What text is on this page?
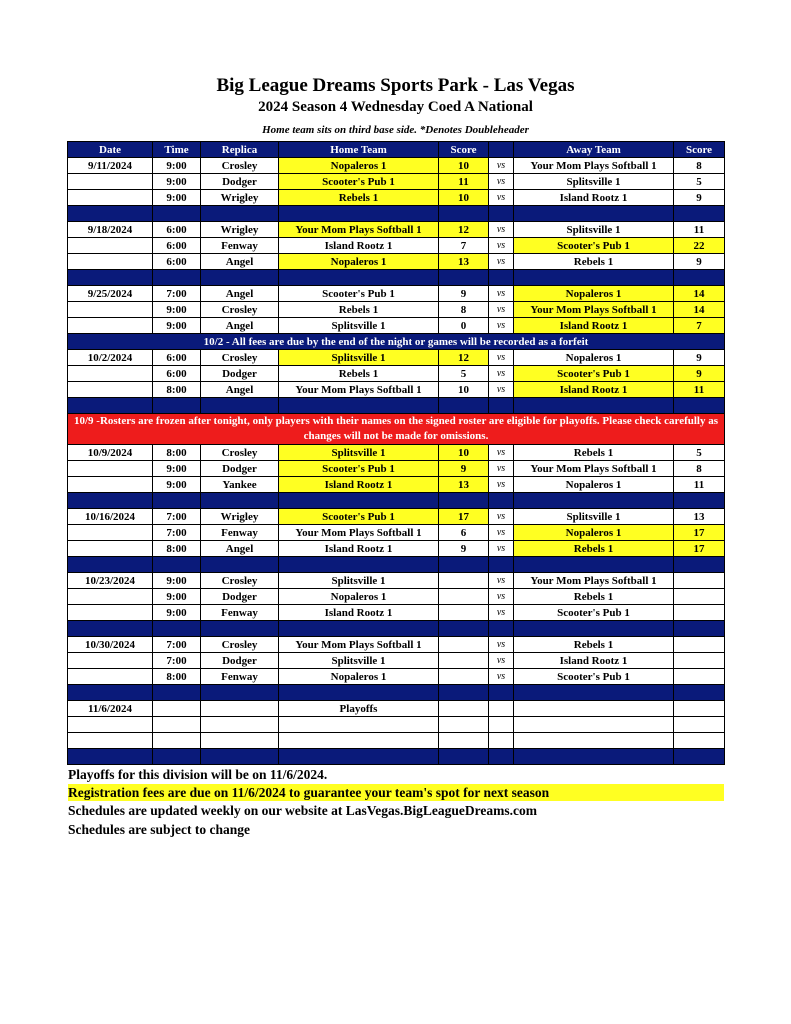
Big League Dreams Sports Park - Las Vegas
2024 Season 4 Wednesday Coed A National
Home team sits on third base side. *Denotes Doubleheader
Date	Time	Replica	Home Team	Score		Away Team	Score
9/11/2024	9:00	Crosley	Nopaleros 1	10	vs	Your Mom Plays Softball 1	8
	9:00	Dodger	Scooter's Pub 1	11	vs	Splitsville 1	5
	9:00	Wrigley	Rebels 1	10	vs	Island Rootz 1	9

9/18/2024	6:00	Wrigley	Your Mom Plays Softball 1	12	vs	Splitsville 1	11
	6:00	Fenway	Island Rootz 1	7	vs	Scooter's Pub 1	22
	6:00	Angel	Nopaleros 1	13	vs	Rebels 1	9

9/25/2024	7:00	Angel	Scooter's Pub 1	9	vs	Nopaleros 1	14
	9:00	Crosley	Rebels 1	8	vs	Your Mom Plays Softball 1	14
	9:00	Angel	Splitsville 1	0	vs	Island Rootz 1	7
10/2 - All fees are due by the end of the night or games will be recorded as a forfeit							
10/2/2024	6:00	Crosley	Splitsville 1	12	vs	Nopaleros 1	9
	6:00	Dodger	Rebels 1	5	vs	Scooter's Pub 1	9
	8:00	Angel	Your Mom Plays Softball 1	10	vs	Island Rootz 1	11

10/9 -Rosters are frozen after tonight, only players with their names on the signed roster are eligible for playoffs. Please check carefully as changes will not be made for omissions.							
10/9/2024	8:00	Crosley	Splitsville 1	10	vs	Rebels 1	5
	9:00	Dodger	Scooter's Pub 1	9	vs	Your Mom Plays Softball 1	8
	9:00	Yankee	Island Rootz 1	13	vs	Nopaleros 1	11

10/16/2024	7:00	Wrigley	Scooter's Pub 1	17	vs	Splitsville 1	13
	7:00	Fenway	Your Mom Plays Softball 1	6	vs	Nopaleros 1	17
	8:00	Angel	Island Rootz 1	9	vs	Rebels 1	17

10/23/2024	9:00	Crosley	Splitsville 1		vs	Your Mom Plays Softball 1	
	9:00	Dodger	Nopaleros 1		vs	Rebels 1	
	9:00	Fenway	Island Rootz 1		vs	Scooter's Pub 1	

10/30/2024	7:00	Crosley	Your Mom Plays Softball 1		vs	Rebels 1	
	7:00	Dodger	Splitsville 1		vs	Island Rootz 1	
	8:00	Fenway	Nopaleros 1		vs	Scooter's Pub 1	

11/6/2024			Playoffs				

Playoffs for this division will be on 11/6/2024.
Registration fees are due on 11/6/2024 to guarantee your team's spot for next season
Schedules are updated weekly on our website at LasVegas.BigLeagueDreams.com
Schedules are subject to change
